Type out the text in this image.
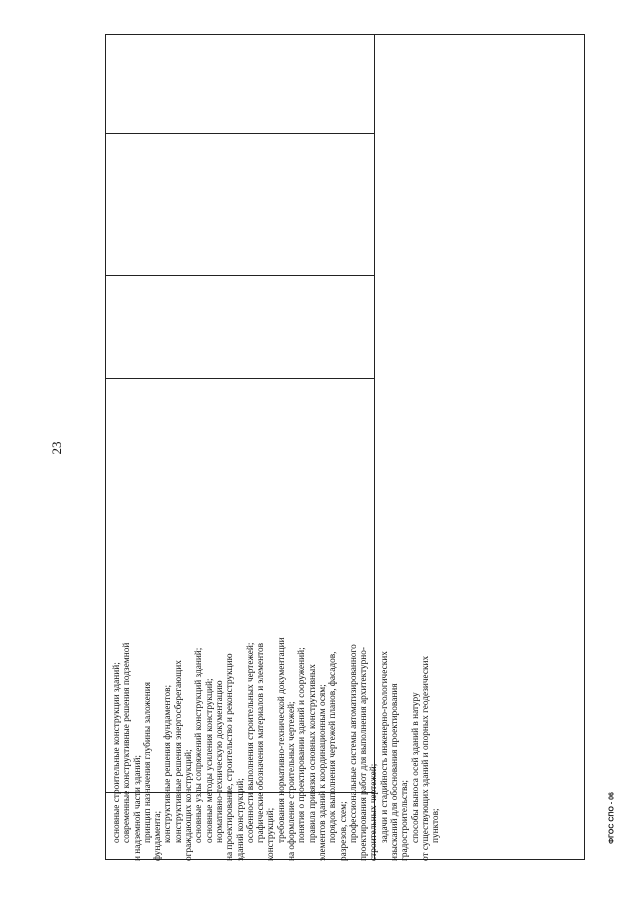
23
основные строительные конструкции зданий; современные конструктивные решения подземной и надземной части зданий; принцип назначения глубины заложения фундамента; конструктивные решения фундаментов; конструктивные решения энергосберегающих ограждающих конструкций; основные узлы сопряжений конструкций зданий; основные методы усиления конструкций; нормативно-техническую документацию на проектирование, строительство и реконструкцию зданий конструкций; особенности выполнения строительных чертежей; графические обозначения материалов и элементов конструкций; требования нормативно-технической документации на оформление строительных чертежей; понятия о проектировании зданий и сооружений; правила привязки основных конструктивных элементов зданий к координационным осям; порядок выполнения чертежей планов, фасадов, разрезов, схем; профессиональные системы автоматизированного проектирования работ для выполнения архитектурно- строительных чертежей; задачи и стадийность инженерно-геологических изысканий для обоснования проектирования градостроительства; способы выноса осей зданий в натуру от существующих зданий и опорных геодезических пунктов;	ФГОС СПО - 06
